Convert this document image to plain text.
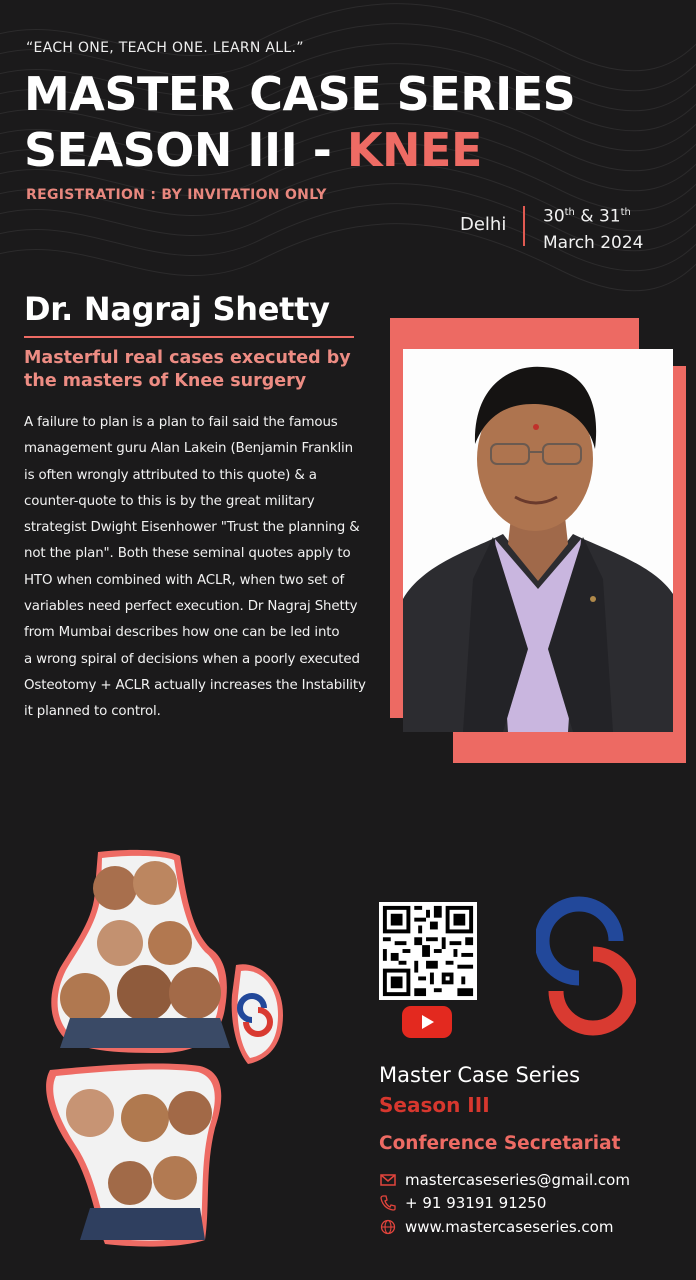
“EACH ONE, TEACH ONE. LEARN ALL.”
MASTER CASE SERIES
SEASON III - KNEE
REGISTRATION : BY INVITATION ONLY
Delhi 30th & 31th
March 2024
Dr. Nagraj Shetty
Masterful real cases executed by
the masters of Knee surgery

A failure to plan is a plan to fail said the famous

management guru Alan Lakein (Benjamin Franklin

is often wrongly attributed to this quote) & a

counter-quote to this is by the great military

strategist Dwight Eisenhower "Trust the planning &

not the plan". Both these seminal quotes apply to

HTO when combined with ACLR, when two set of

variables need perfect execution. Dr Nagraj Shetty

from Mumbai describes how one can be led into

a wrong spiral of decisions when a poorly executed

Osteotomy + ACLR actually increases the Instability

it planned to control.

Master Case Series
Season III
Conference Secretariat
mastercaseseries@gmail.com
+ 91 93191 91250
www.mastercaseseries.com
